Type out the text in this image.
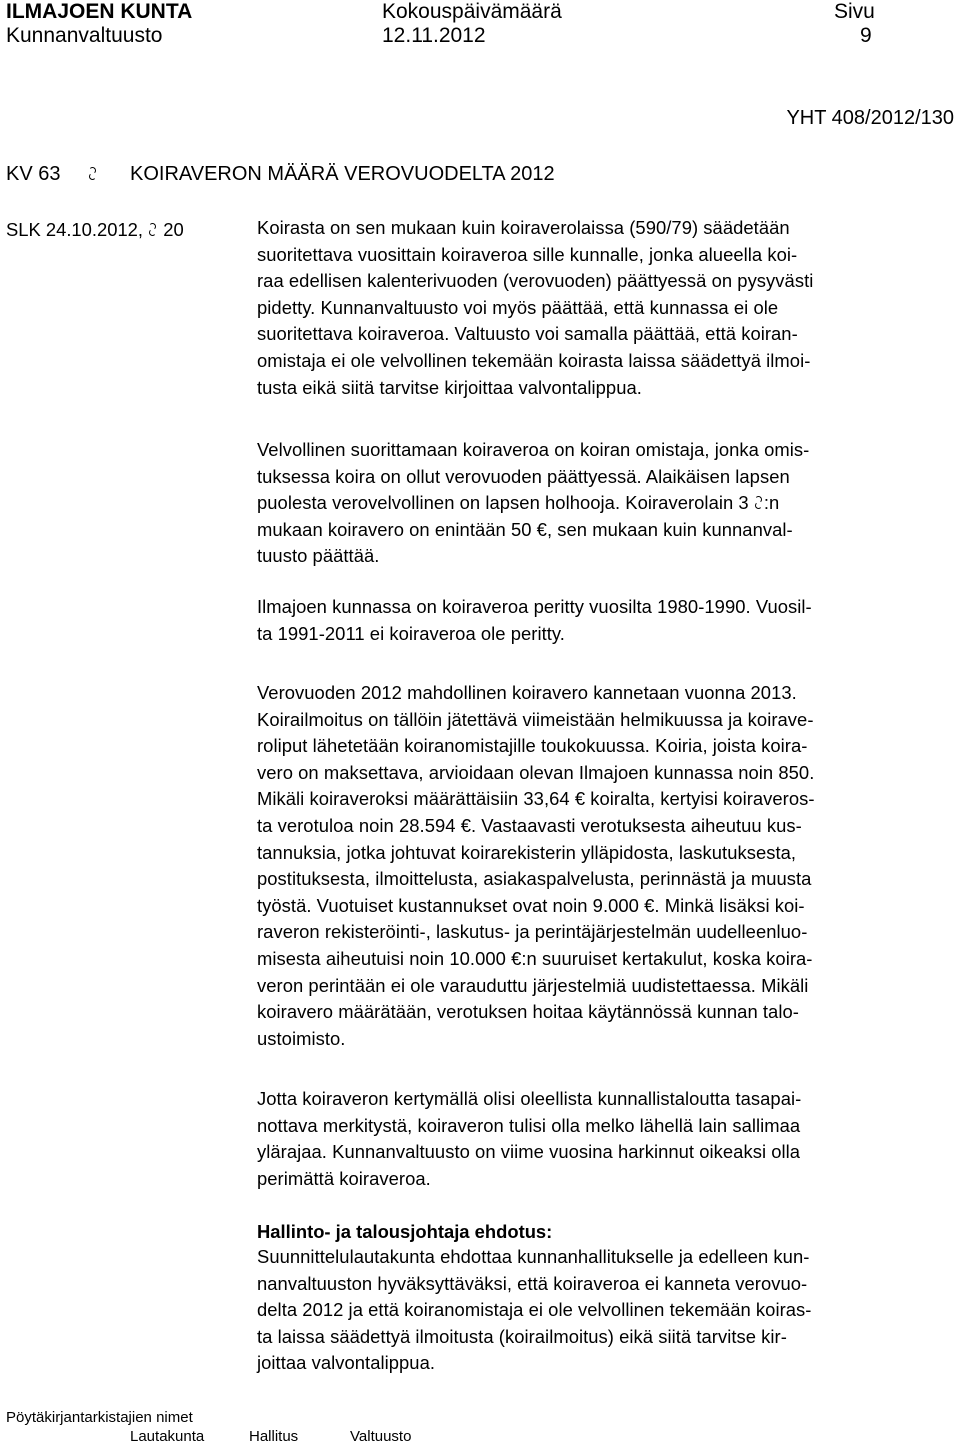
ILMAJOEN KUNTA	Kokouspäivämäärä	Sivu
Kunnanvaltuusto	12.11.2012	9
YHT 408/2012/130
KV 63	KOIRAVERON MÄÄRÄ VEROVUODELTA 2012
SLK 24.10.2012, 20	Koirasta on sen mukaan kuin koiraverolaissa (590/79) säädetään
suoritettava vuosittain koiraveroa sille kunnalle, jonka alueella koi-
raa edellisen kalenterivuoden (verovuoden) päättyessä on pysyvästi
pidetty. Kunnanvaltuusto voi myös päättää, että kunnassa ei ole
suoritettava koiraveroa. Valtuusto voi samalla päättää, että koiran-
omistaja ei ole velvollinen tekemään koirasta laissa säädettyä ilmoi-
tusta eikä siitä tarvitse kirjoittaa valvontalippua.
Velvollinen suorittamaan koiraveroa on koiran omistaja, jonka omis-
tuksessa koira on ollut verovuoden päättyessä. Alaikäisen lapsen
puolesta verovelvollinen on lapsen holhooja. Koiraverolain 3 :n
mukaan koiravero on enintään 50 €, sen mukaan kuin kunnanval-
tuusto päättää.
Ilmajoen kunnassa on koiraveroa peritty vuosilta 1980-1990. Vuosil-
ta 1991-2011 ei koiraveroa ole peritty.
Verovuoden 2012 mahdollinen koiravero kannetaan vuonna 2013.
Koirailmoitus on tällöin jätettävä viimeistään helmikuussa ja koirave-
roliput lähetetään koiranomistajille toukokuussa. Koiria, joista koira-
vero on maksettava, arvioidaan olevan Ilmajoen kunnassa noin 850.
Mikäli koiraveroksi määrättäisiin 33,64 € koiralta, kertyisi koiraveros-
ta verotuloa noin 28.594 €. Vastaavasti verotuksesta aiheutuu kus-
tannuksia, jotka johtuvat koirarekisterin ylläpidosta, laskutuksesta,
postituksesta, ilmoittelusta, asiakaspalvelusta, perinnästä ja muusta
työstä. Vuotuiset kustannukset ovat noin 9.000 €. Minkä lisäksi koi-
raveron rekisteröinti-, laskutus- ja perintäjärjestelmän uudelleenluo-
misesta aiheutuisi noin 10.000 €:n suuruiset kertakulut, koska koira-
veron perintään ei ole varauduttu järjestelmiä uudistettaessa. Mikäli
koiravero määrätään, verotuksen hoitaa käytännössä kunnan talo-
ustoimisto.
Jotta koiraveron kertymällä olisi oleellista kunnallistaloutta tasapai-
nottava merkitystä, koiraveron tulisi olla melko lähellä lain sallimaa
ylärajaa. Kunnanvaltuusto on viime vuosina harkinnut oikeaksi olla
perimättä koiraveroa.
Hallinto- ja talousjohtaja ehdotus:
Suunnittelulautakunta ehdottaa kunnanhallitukselle ja edelleen kun-
nanvaltuuston hyväksyttäväksi, että koiraveroa ei kanneta verovuo-
delta 2012 ja että koiranomistaja ei ole velvollinen tekemään koiras-
ta laissa säädettyä ilmoitusta (koirailmoitus) eikä siitä tarvitse kir-
joittaa valvontalippua.
Pöytäkirjantarkistajien nimet
Lautakunta	Hallitus	Valtuusto
